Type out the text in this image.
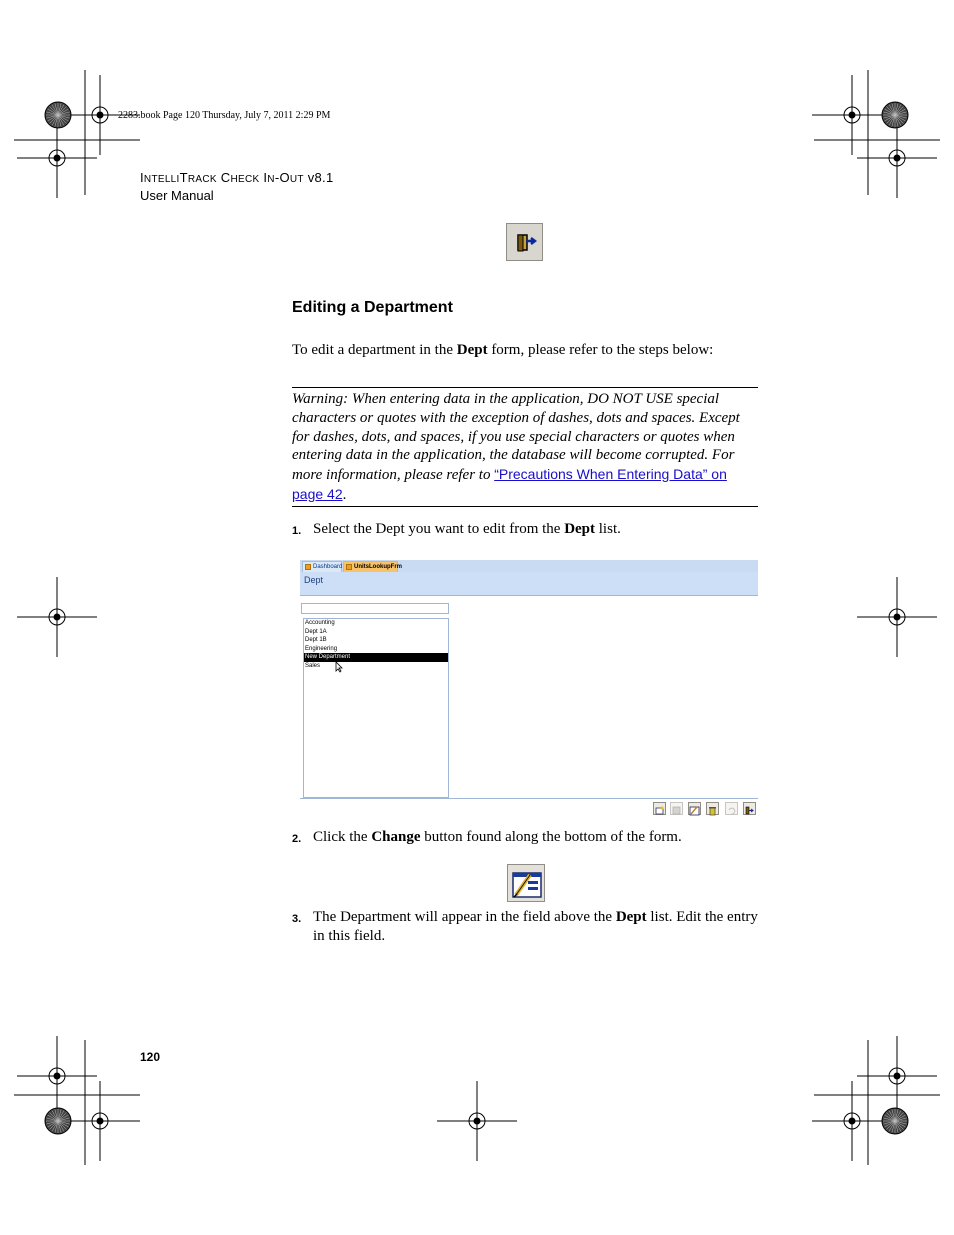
2283.book Page 120 Thursday, July 7, 2011 2:29 PM
INTELLITRACK CHECK IN-OUT v8.1
User Manual
Editing a Department
To edit a department in the Dept form, please refer to the steps below:
Warning: When entering data in the application, DO NOT USE special characters or quotes with the exception of dashes, dots and spaces. Except for dashes, dots, and spaces, if you use special characters or quotes when entering data in the application, the database will become corrupted. For more information, please refer to “Precautions When Entering Data” on page 42.
1. Select the Dept you want to edit from the Dept list.
Dashboard	UnitsLookupFrm
Dept
Accounting
Dept 1A
Dept 1B
Engineering
New Department
Sales
2. Click the Change button found along the bottom of the form.
3. The Department will appear in the field above the Dept list. Edit the entry in this field.
120
